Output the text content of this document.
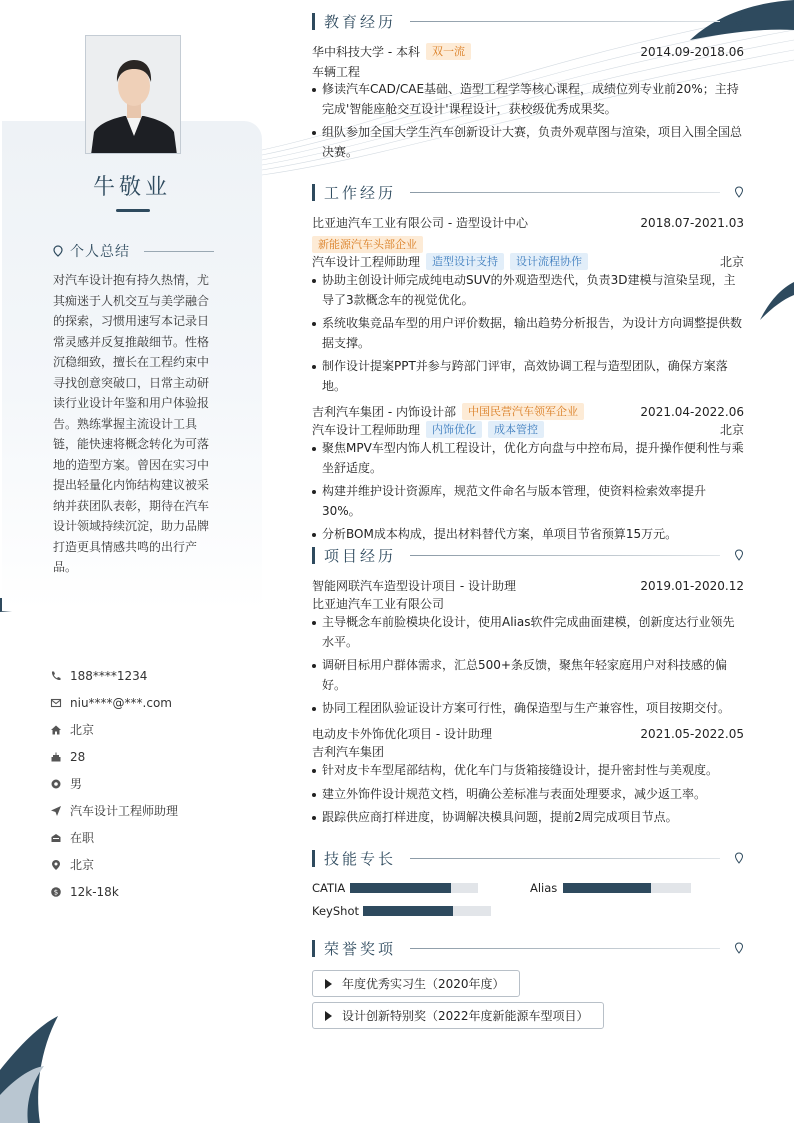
牛敬业
个人总结
对汽车设计抱有持久热情，尤其痴迷于人机交互与美学融合的探索，习惯用速写本记录日常灵感并反复推敲细节。性格沉稳细致，擅长在工程约束中寻找创意突破口，日常主动研读行业设计年鉴和用户体验报告。熟练掌握主流设计工具链，能快速将概念转化为可落地的造型方案。曾因在实习中提出轻量化内饰结构建议被采纳并获团队表彰，期待在汽车设计领域持续沉淀，助力品牌打造更具情感共鸣的出行产品。
188****1234
niu****@***.com
北京
28
男
汽车设计工程师助理
在职
北京
$ 12k-18k
教育经历
华中科技大学 - 本科	双一流	2014.09-2018.06
车辆工程
修读汽车CAD/CAE基础、造型工程学等核心课程，成绩位列专业前20%；主持完成'智能座舱交互设计'课程设计，获校级优秀成果奖。
组队参加全国大学生汽车创新设计大赛，负责外观草图与渲染，项目入围全国总决赛。
工作经历
比亚迪汽车工业有限公司 - 造型设计中心	2018.07-2021.03
新能源汽车头部企业
汽车设计工程师助理	造型设计支持	设计流程协作	北京
协助主创设计师完成纯电动SUV的外观造型迭代，负责3D建模与渲染呈现，主导了3款概念车的视觉优化。
系统收集竞品车型的用户评价数据，输出趋势分析报告，为设计方向调整提供数据支撑。
制作设计提案PPT并参与跨部门评审，高效协调工程与造型团队，确保方案落地。
吉利汽车集团 - 内饰设计部	中国民营汽车领军企业	2021.04-2022.06
汽车设计工程师助理	内饰优化	成本管控	北京
聚焦MPV车型内饰人机工程设计，优化方向盘与中控布局，提升操作便利性与乘坐舒适度。
构建并维护设计资源库，规范文件命名与版本管理，使资料检索效率提升30%。
分析BOM成本构成，提出材料替代方案，单项目节省预算15万元。
项目经历
智能网联汽车造型设计项目 - 设计助理	2019.01-2020.12
比亚迪汽车工业有限公司
主导概念车前脸模块化设计，使用Alias软件完成曲面建模，创新度达行业领先水平。
调研目标用户群体需求，汇总500+条反馈，聚焦年轻家庭用户对科技感的偏好。
协同工程团队验证设计方案可行性，确保造型与生产兼容性，项目按期交付。
电动皮卡外饰优化项目 - 设计助理	2021.05-2022.05
吉利汽车集团
针对皮卡车型尾部结构，优化车门与货箱接缝设计，提升密封性与美观度。
建立外饰件设计规范文档，明确公差标准与表面处理要求，减少返工率。
跟踪供应商打样进度，协调解决模具问题，提前2周完成项目节点。
技能专长
CATIA	Alias
KeyShot
荣誉奖项
年度优秀实习生（2020年度）
设计创新特别奖（2022年度新能源车型项目）
